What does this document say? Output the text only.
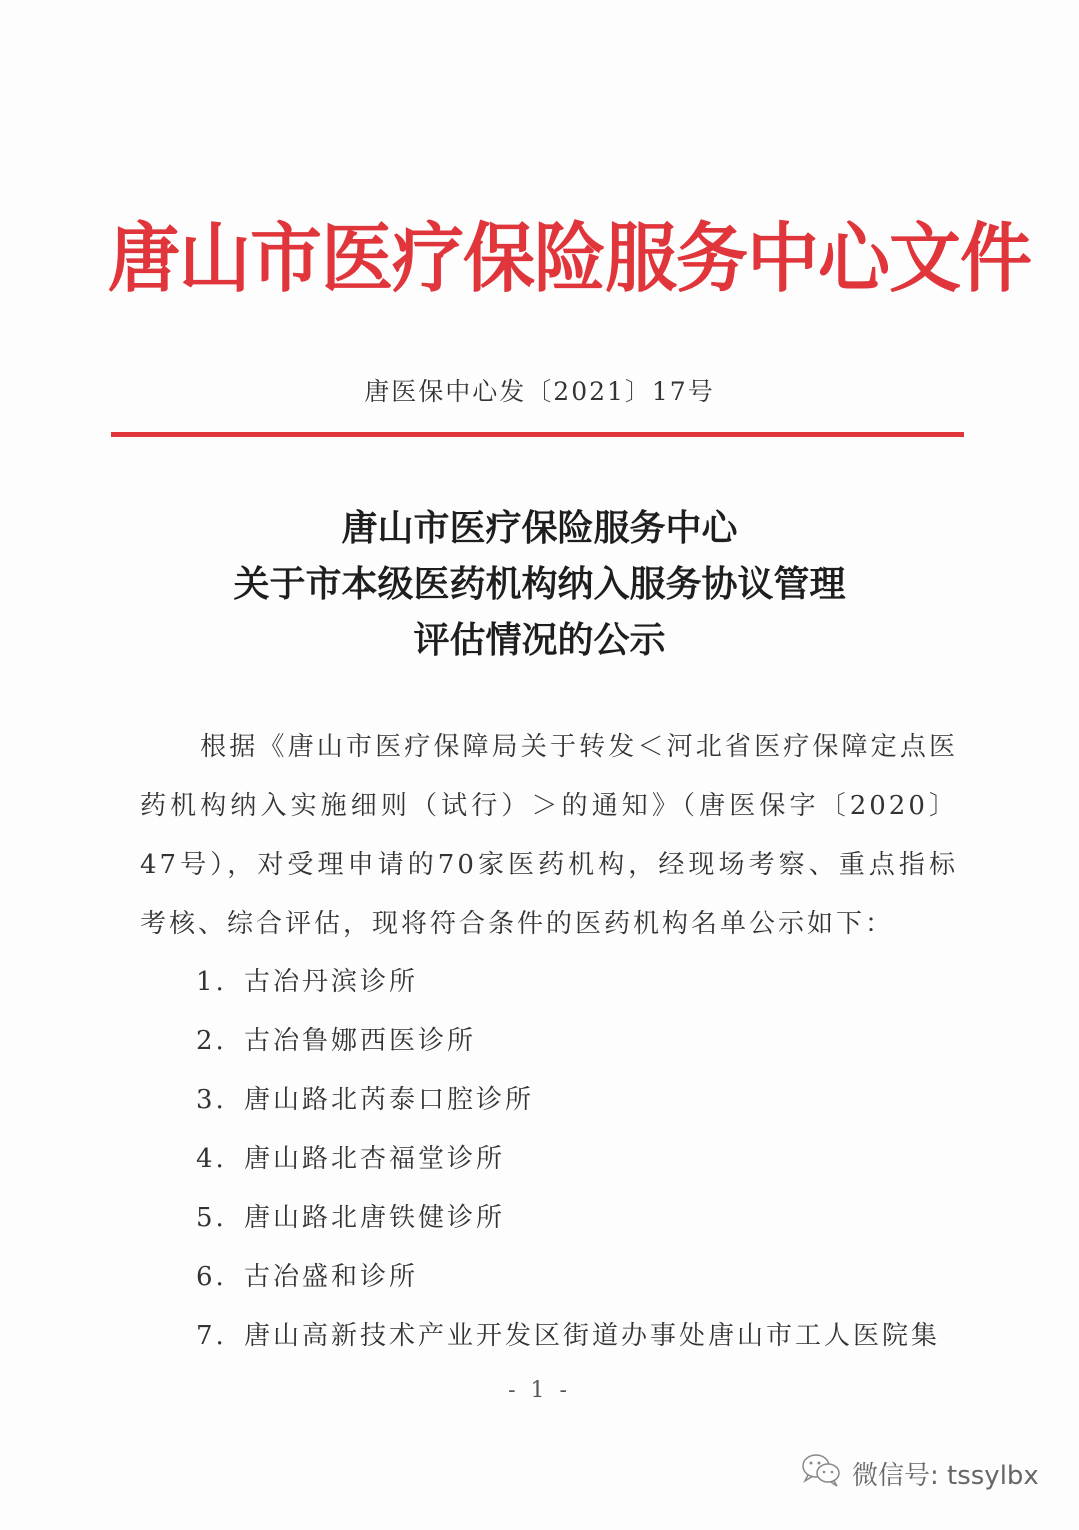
唐山市医疗保险服务中心文件
唐医保中心发〔2021〕17号
唐山市医疗保险服务中心
关于市本级医药机构纳入服务协议管理
评估情况的公示
根据《唐山市医疗保障局关于转发＜河北省医疗保障定点医药机构纳入实施细则（试行）＞的通知》（唐医保字〔2020〕47号），对受理申请的70家医药机构，经现场考察、重点指标考核、综合评估，现将符合条件的医药机构名单公示如下：
1. 古冶丹滨诊所
2. 古冶鲁娜西医诊所
3. 唐山路北芮泰口腔诊所
4. 唐山路北杏福堂诊所
5. 唐山路北唐铁健诊所
6. 古冶盛和诊所
7. 唐山高新技术产业开发区街道办事处唐山市工人医院集
- 1 -
微信号: tssylbx
